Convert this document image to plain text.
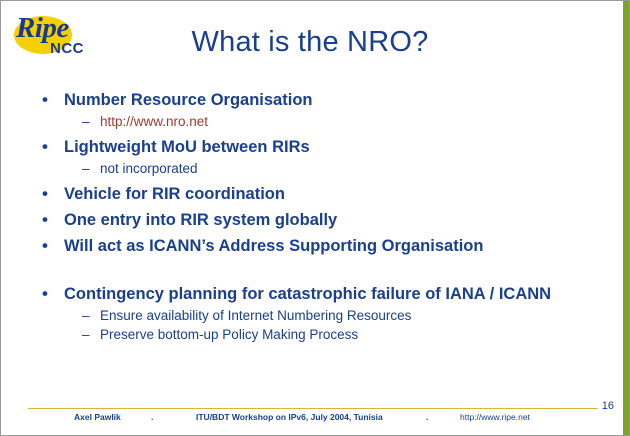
Ripe
NCC	What is the NRO?
• Number Resource Organisation
– http://www.nro.net
• Lightweight MoU between RIRs
– not incorporated
• Vehicle for RIR coordination
• One entry into RIR system globally
• Will act as ICANN’s Address Supporting Organisation
• Contingency planning for catastrophic failure of IANA / ICANN
– Ensure availability of Internet Numbering Resources
– Preserve bottom-up Policy Making Process
16
Axel Pawlik	.	ITU/BDT Workshop on IPv6, July 2004, Tunisia	.	http://www.ripe.net
